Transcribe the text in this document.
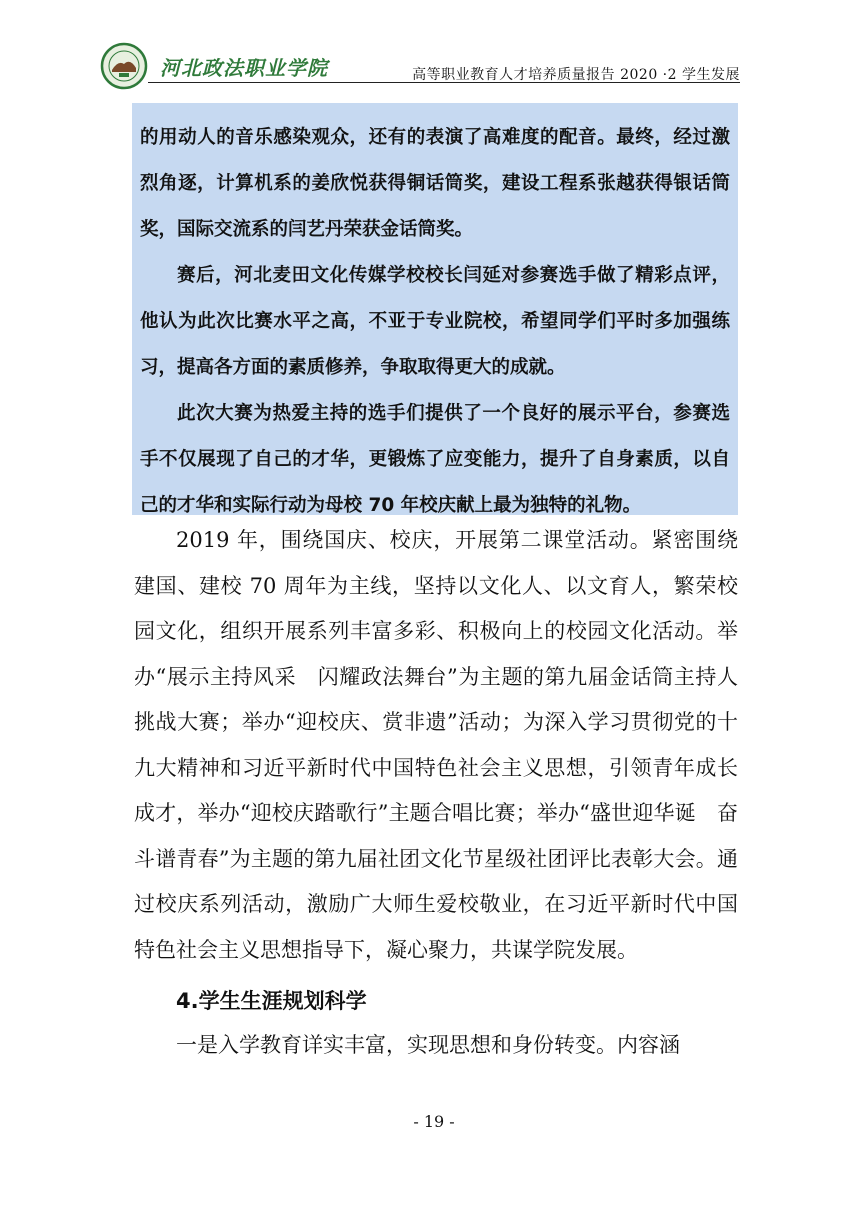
河北政法职业学院	高等职业教育人才培养质量报告 2020 ·2 学生发展

的用动人的音乐感染观众，还有的表演了高难度的配音。最终，经过激烈角逐，计算机系的姜欣悦获得铜话筒奖，建设工程系张越获得银话筒奖，国际交流系的闫艺丹荣获金话筒奖。

赛后，河北麦田文化传媒学校校长闫延对参赛选手做了精彩点评，他认为此次比赛水平之高，不亚于专业院校，希望同学们平时多加强练习，提高各方面的素质修养，争取取得更大的成就。

此次大赛为热爱主持的选手们提供了一个良好的展示平台，参赛选手不仅展现了自己的才华，更锻炼了应变能力，提升了自身素质，以自己的才华和实际行动为母校 70 年校庆献上最为独特的礼物。

2019 年，围绕国庆、校庆，开展第二课堂活动。紧密围绕建国、建校 70 周年为主线，坚持以文化人、以文育人，繁荣校园文化，组织开展系列丰富多彩、积极向上的校园文化活动。举办“展示主持风采　闪耀政法舞台”为主题的第九届金话筒主持人挑战大赛；举办“迎校庆、赏非遗”活动；为深入学习贯彻党的十九大精神和习近平新时代中国特色社会主义思想，引领青年成长成才，举办“迎校庆踏歌行”主题合唱比赛；举办“盛世迎华诞　奋斗谱青春”为主题的第九届社团文化节星级社团评比表彰大会。通过校庆系列活动，激励广大师生爱校敬业，在习近平新时代中国特色社会主义思想指导下，凝心聚力，共谋学院发展。

4.学生生涯规划科学

一是入学教育详实丰富，实现思想和身份转变。内容涵

- 19 -
